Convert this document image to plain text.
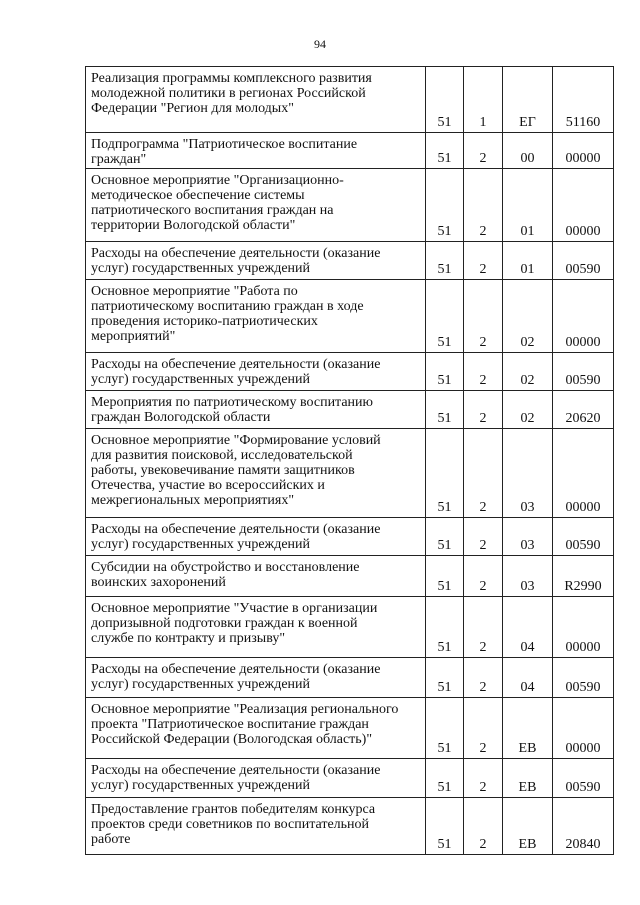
94
Реализация программы комплексного развития
молодежной политики в регионах Российской
Федерации "Регион для молодых"	51	1	ЕГ	51160
Подпрограмма "Патриотическое воспитание
граждан"	51	2	00	00000
Основное мероприятие "Организационно-
методическое обеспечение системы
патриотического воспитания граждан на
территории Вологодской области"	51	2	01	00000
Расходы на обеспечение деятельности (оказание
услуг) государственных учреждений	51	2	01	00590
Основное мероприятие "Работа по
патриотическому воспитанию граждан в ходе
проведения историко-патриотических
мероприятий"	51	2	02	00000
Расходы на обеспечение деятельности (оказание
услуг) государственных учреждений	51	2	02	00590
Мероприятия по патриотическому воспитанию
граждан Вологодской области	51	2	02	20620
Основное мероприятие "Формирование условий
для развития поисковой, исследовательской
работы, увековечивание памяти защитников
Отечества, участие во всероссийских и
межрегиональных мероприятиях"	51	2	03	00000
Расходы на обеспечение деятельности (оказание
услуг) государственных учреждений	51	2	03	00590
Субсидии на обустройство и восстановление
воинских захоронений	51	2	03	R2990
Основное мероприятие "Участие в организации
допризывной подготовки граждан к военной
службе по контракту и призыву"	51	2	04	00000
Расходы на обеспечение деятельности (оказание
услуг) государственных учреждений	51	2	04	00590
Основное мероприятие "Реализация регионального
проекта "Патриотическое воспитание граждан
Российской Федерации (Вологодская область)"	51	2	ЕВ	00000
Расходы на обеспечение деятельности (оказание
услуг) государственных учреждений	51	2	ЕВ	00590
Предоставление грантов победителям конкурса
проектов среди советников по воспитательной
работе	51	2	ЕВ	20840
